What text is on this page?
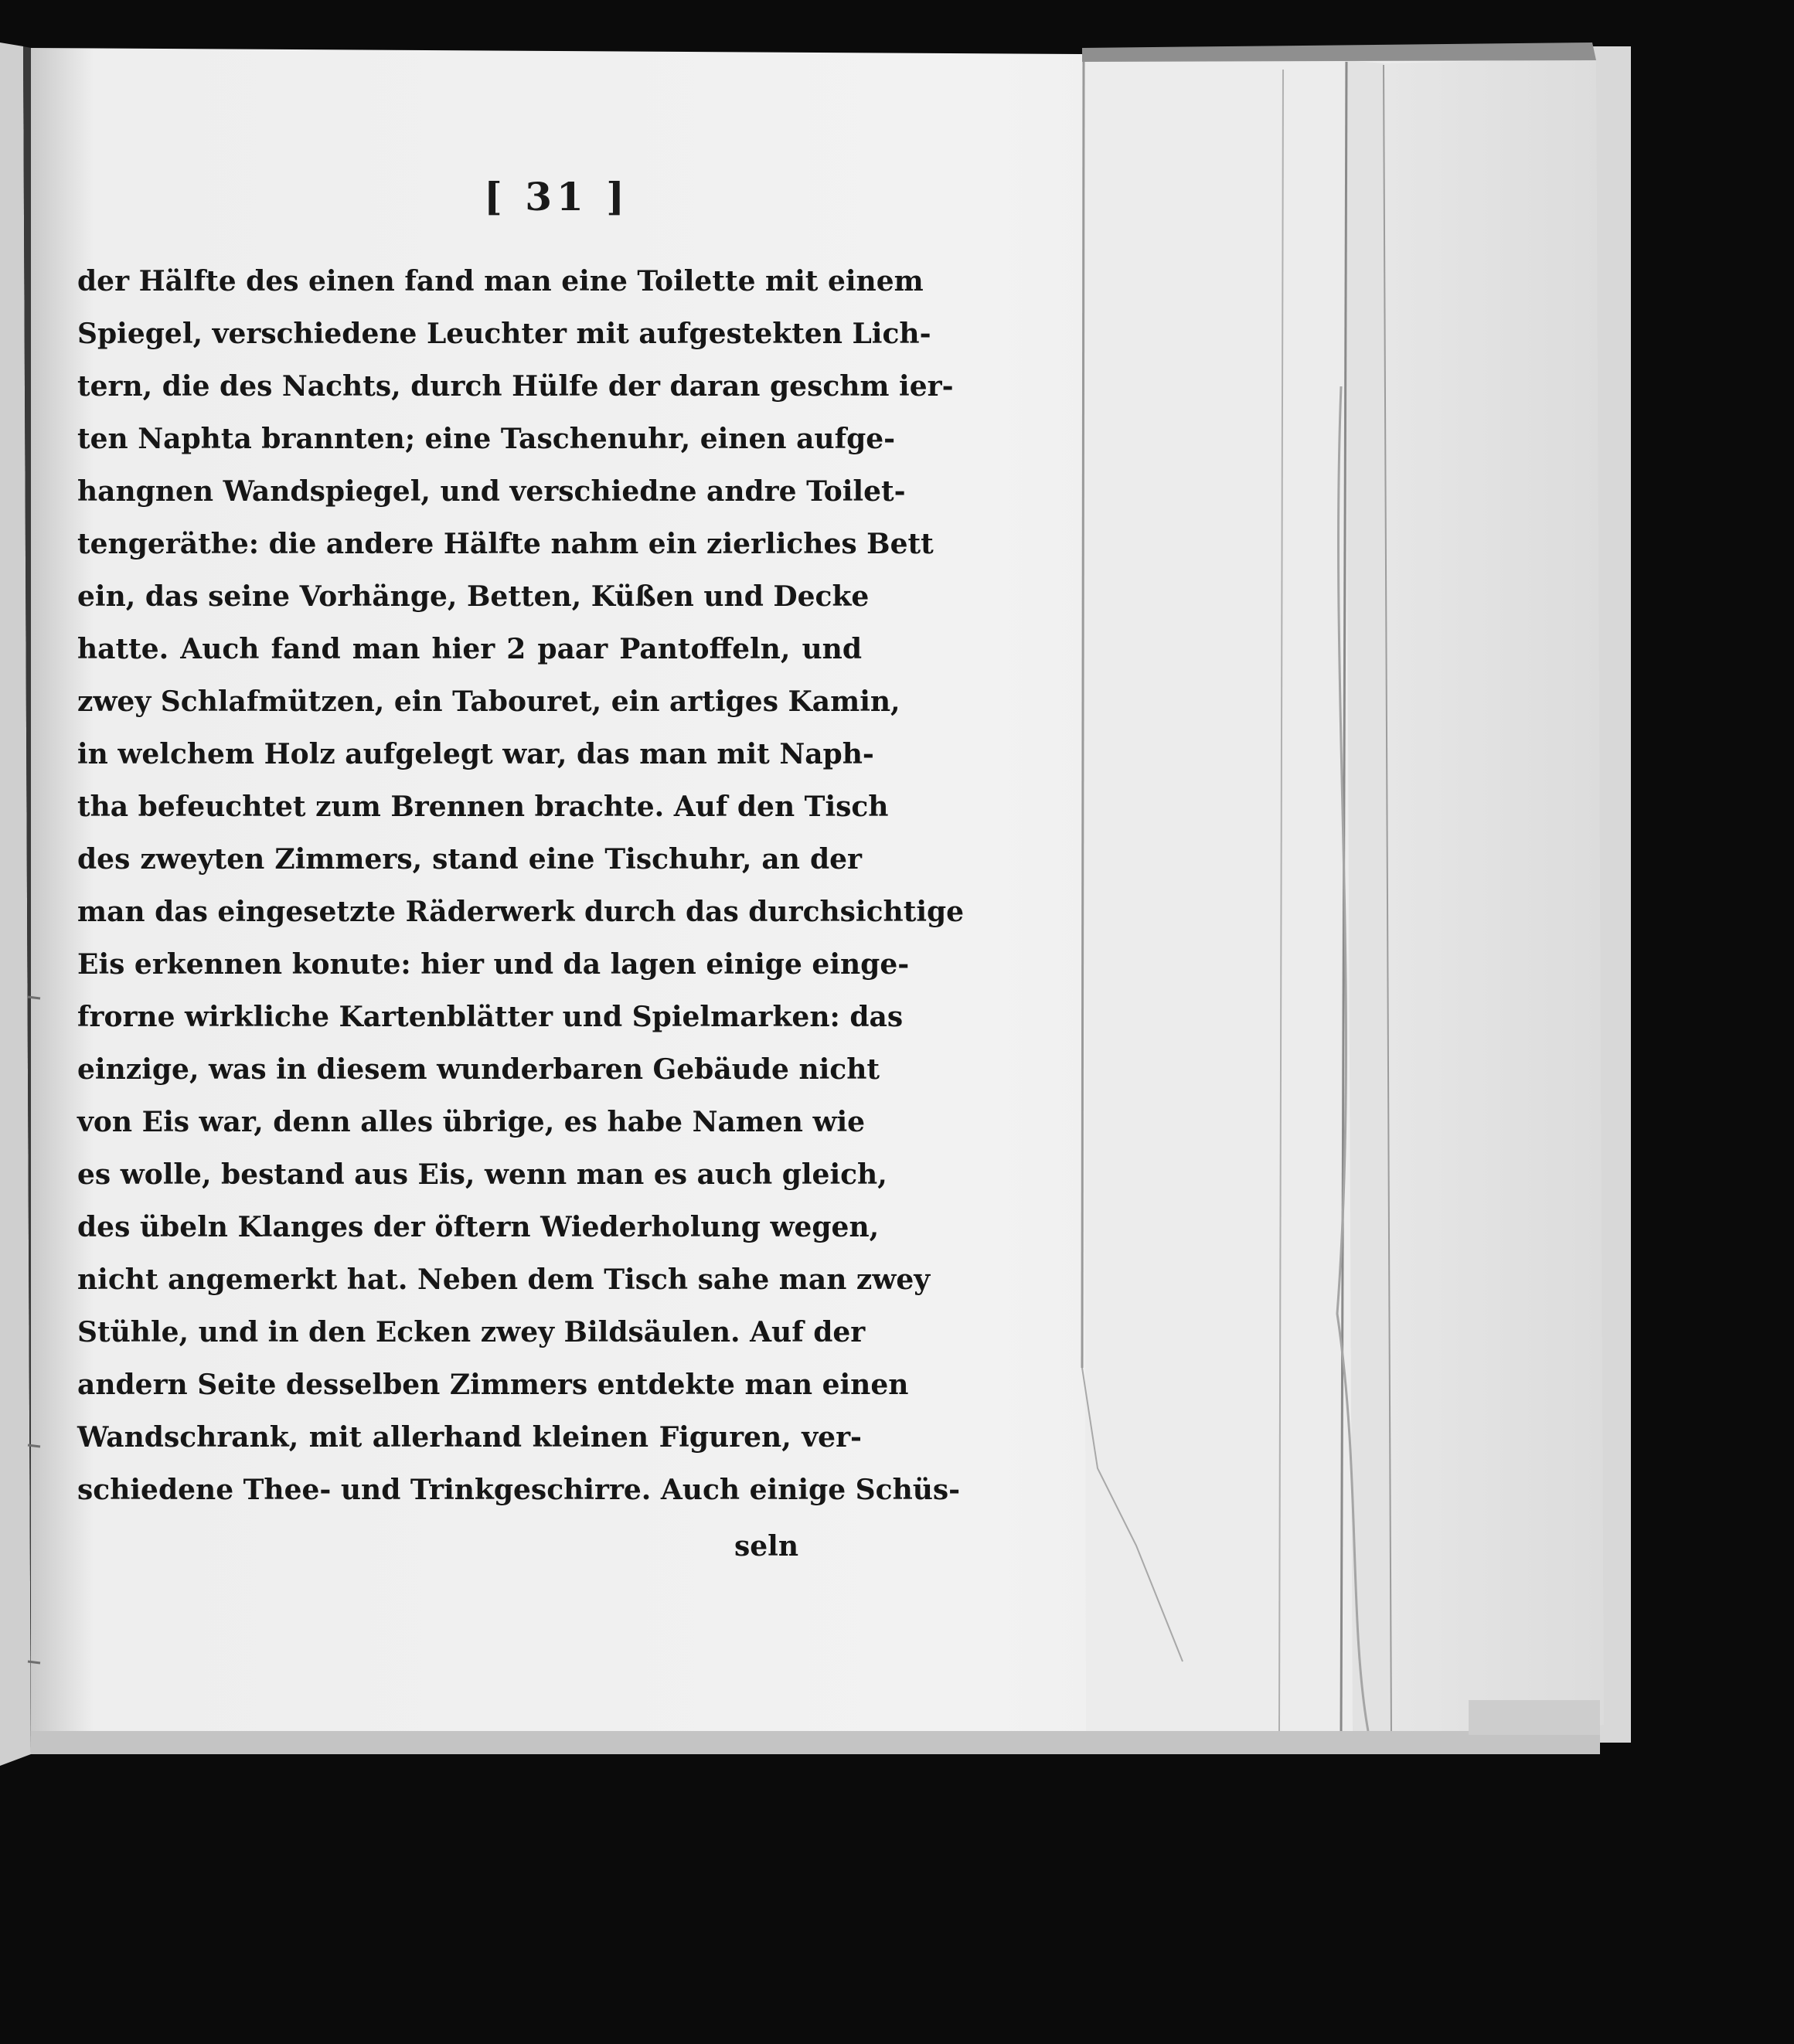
[ 31 ]
der Hälfte des einen fand man eine Toilette mit einem
Spiegel, verschiedene Leuchter mit aufgestekten Lich-
tern, die des Nachts, durch Hülfe der daran geschm ier-
ten Naphta brannten; eine Taschenuhr, einen aufge-
hangnen Wandspiegel, und verschiedne andre Toilet-
tengeräthe: die andere Hälfte nahm ein zierliches Bett
ein, das seine Vorhänge, Betten, Küßen und Decke
hatte. Auch fand man hier 2 paar Pantoffeln, und
zwey Schlafmützen, ein Tabouret, ein artiges Kamin,
in welchem Holz aufgelegt war, das man mit Naph-
tha befeuchtet zum Brennen brachte. Auf den Tisch
des zweyten Zimmers, stand eine Tischuhr, an der
man das eingesetzte Räderwerk durch das durchsichtige
Eis erkennen konute: hier und da lagen einige einge-
frorne wirkliche Kartenblätter und Spielmarken: das
einzige, was in diesem wunderbaren Gebäude nicht
von Eis war, denn alles übrige, es habe Namen wie
es wolle, bestand aus Eis, wenn man es auch gleich,
des übeln Klanges der öftern Wiederholung wegen,
nicht angemerkt hat. Neben dem Tisch sahe man zwey
Stühle, und in den Ecken zwey Bildsäulen. Auf der
andern Seite desselben Zimmers entdekte man einen
Wandschrank, mit allerhand kleinen Figuren, ver-
schiedene Thee- und Trinkgeschirre. Auch einige Schüs-
seln
